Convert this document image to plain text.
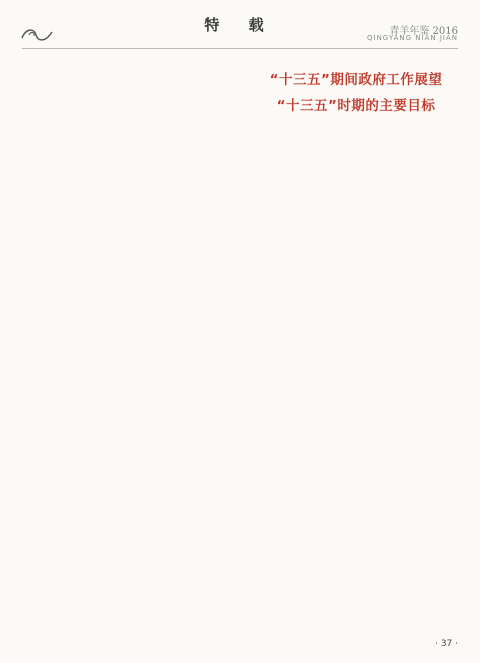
特 载	青羊年鉴 2016
QINGYANG NIAN JIAN

“十三五”期间政府工作展望

“十三五”时期的主要目标

· 37 ·
